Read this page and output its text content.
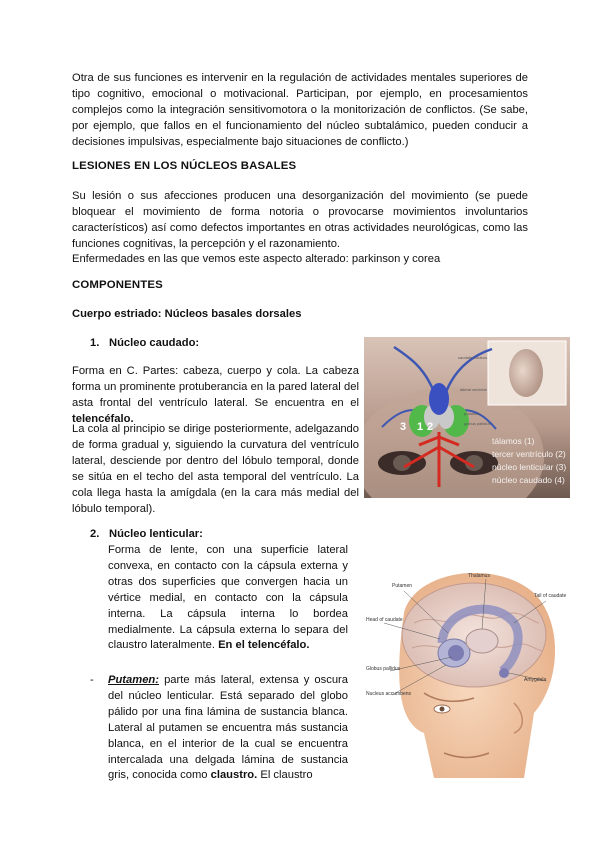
Otra de sus funciones es intervenir en la regulación de actividades mentales superiores de tipo cognitivo, emocional o motivacional. Participan, por ejemplo, en procesamientos complejos como la integración sensitivomotora o la monitorización de conflictos. (Se sabe, por ejemplo, que fallos en el funcionamiento del núcleo subtalámico, pueden conducir a decisiones impulsivas, especialmente bajo situaciones de conflicto.)
LESIONES EN LOS NÚCLEOS BASALES
Su lesión o sus afecciones producen una desorganización del movimiento (se puede bloquear el movimiento de forma notoria o provocarse movimientos involuntarios característicos) así como defectos importantes en otras actividades neurológicas, como las funciones cognitivas, la percepción y el razonamiento.
Enfermedades en las que vemos este aspecto alterado: parkinson y corea
COMPONENTES
Cuerpo estriado: Núcleos basales dorsales
1. Núcleo caudado:
Forma en C. Partes: cabeza, cuerpo y cola. La cabeza forma un prominente protuberancia en la pared lateral del asta frontal del ventrículo lateral. Se encuentra en el telencéfalo.
La cola al principio se dirige posteriormente, adelgazando de forma gradual y, siguiendo la curvatura del ventrículo lateral, desciende por dentro del lóbulo temporal, donde se sitúa en el techo del asta temporal del ventrículo. La cola llega hasta la amígdala (en la cara más medial del lóbulo temporal).
caudate nucleus
lateral ventricle
putamen
globus pallidus
3 1 2
tálamos (1)
tercer ventrículo (2)
núcleo lenticular (3)
núcleo caudado (4)
2. Núcleo lenticular:
Forma de lente, con una superficie lateral convexa, en contacto con la cápsula externa y otras dos superficies que convergen hacia un vértice medial, en contacto con la cápsula interna. La cápsula interna lo bordea medialmente. La cápsula externa lo separa del claustro lateralmente. En el telencéfalo.
- Putamen: parte más lateral, extensa y oscura del núcleo lenticular. Está separado del globo pálido por una fina lámina de sustancia blanca. Lateral al putamen se encuentra más sustancia blanca, en el interior de la cual se encuentra intercalada una delgada lámina de sustancia gris, conocida como claustro. El claustro
Putamen
Thalamus
Head of caudate
Tail of caudate
Globus pallidus
Amygdala
Nucleus accumbens
